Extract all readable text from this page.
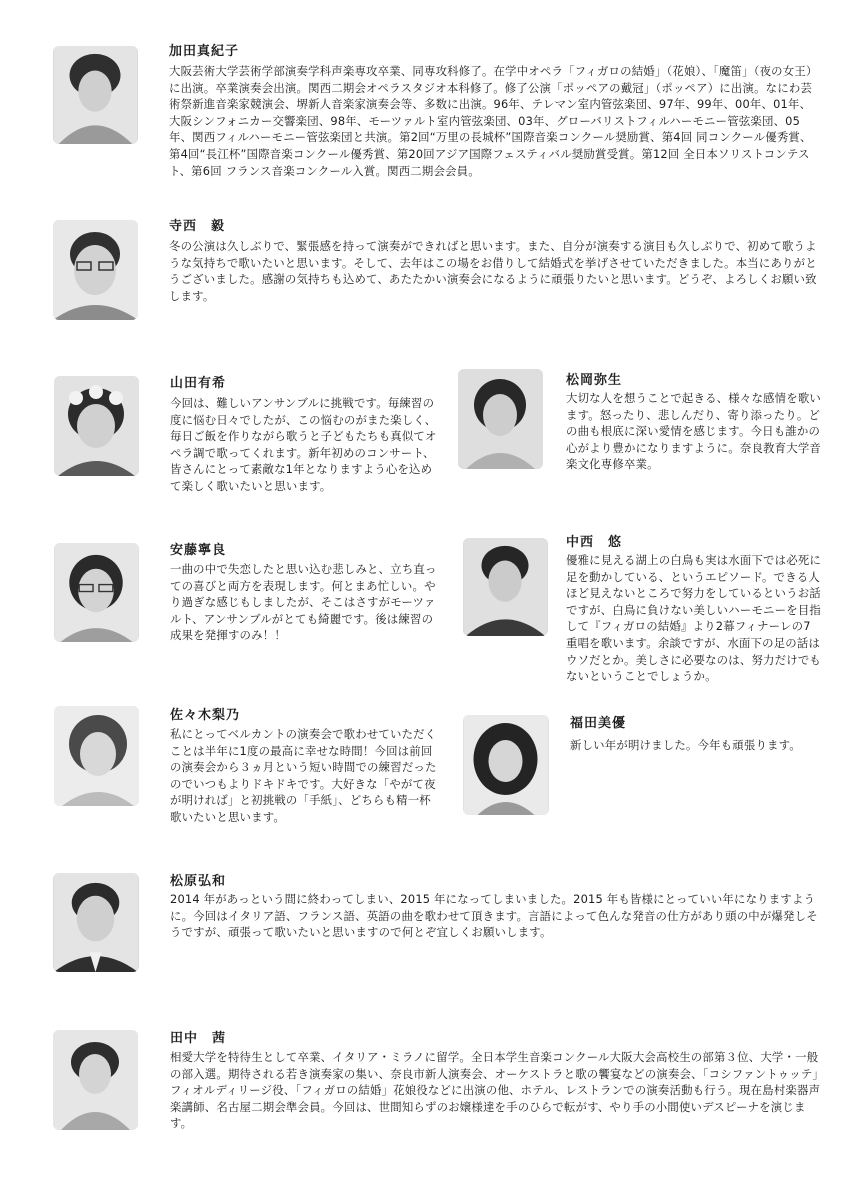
加田真紀子
大阪芸術大学芸術学部演奏学科声楽専攻卒業、同専攻科修了。在学中オペラ「フィガロの結婚」（花娘）、「魔笛」（夜の女王）に出演。卒業演奏会出演。関西二期会オペラスタジオ本科修了。修了公演「ポッペアの戴冠」（ポッペア）に出演。なにわ芸術祭新進音楽家競演会、堺新人音楽家演奏会等、多数に出演。96年、テレマン室内管弦楽団、97年、99年、00年、01年、大阪シンフォニカー交響楽団、98年、モーツァルト室内管弦楽団、03年、グローバリストフィルハーモニー管弦楽団、05年、関西フィルハーモニー管弦楽団と共演。第2回“万里の長城杯”国際音楽コンクール奨励賞、第4回 同コンクール優秀賞、第4回“長江杯”国際音楽コンクール優秀賞、第20回アジア国際フェスティバル奨励賞受賞。第12回 全日本ソリストコンテスト、第6回 フランス音楽コンクール入賞。関西二期会会員。
寺西　毅
冬の公演は久しぶりで、緊張感を持って演奏ができればと思います。また、自分が演奏する演目も久しぶりで、初めて歌うような気持ちで歌いたいと思います。そして、去年はこの場をお借りして結婚式を挙げさせていただきました。本当にありがとうございました。感謝の気持ちも込めて、あたたかい演奏会になるように頑張りたいと思います。どうぞ、よろしくお願い致します。
山田有希
今回は、難しいアンサンブルに挑戦です。毎練習の度に悩む日々でしたが、この悩むのがまた楽しく、毎日ご飯を作りながら歌うと子どもたちも真似てオペラ調で歌ってくれます。新年初めのコンサート、皆さんにとって素敵な1年となりますよう心を込めて楽しく歌いたいと思います。
松岡弥生
大切な人を想うことで起きる、様々な感情を歌います。怒ったり、悲しんだり、寄り添ったり。どの曲も根底に深い愛情を感じます。今日も誰かの心がより豊かになりますように。奈良教育大学音楽文化専修卒業。
安藤寧良
一曲の中で失恋したと思い込む悲しみと、立ち直っての喜びと両方を表現します。何とまあ忙しい。やり過ぎな感じもしましたが、そこはさすがモーツァルト、アンサンブルがとても綺麗です。後は練習の成果を発揮すのみ！！
中西　悠
優雅に見える湖上の白鳥も実は水面下では必死に足を動かしている、というエピソード。できる人ほど見えないところで努力をしているというお話ですが、白鳥に負けない美しいハーモニーを目指して『フィガロの結婚』より2幕フィナーレの7重唱を歌います。余談ですが、水面下の足の話はウソだとか。美しさに必要なのは、努力だけでもないということでしょうか。
佐々木梨乃
私にとってベルカントの演奏会で歌わせていただくことは半年に1度の最高に幸せな時間！今回は前回の演奏会から３ヵ月という短い時間での練習だったのでいつもよりドキドキです。大好きな「やがて夜が明ければ」と初挑戦の「手紙」、どちらも精一杯歌いたいと思います。
松原弘和
2014 年があっという間に終わってしまい、2015 年になってしまいました。2015 年も皆様にとっていい年になりますように。今回はイタリア語、フランス語、英語の曲を歌わせて頂きます。言語によって色んな発音の仕方があり頭の中が爆発しそうですが、頑張って歌いたいと思いますので何とぞ宜しくお願いします。
田中　茜
相愛大学を特待生として卒業、イタリア・ミラノに留学。全日本学生音楽コンクール大阪大会高校生の部第３位、大学・一般の部入選。期待される若き演奏家の集い、奈良市新人演奏会、オーケストラと歌の饗宴などの演奏会、「コシファントゥッテ」フィオルディリージ役、「フィガロの結婚」花娘役などに出演の他、ホテル、レストランでの演奏活動も行う。現在島村楽器声楽講師、名古屋二期会準会員。今回は、世間知らずのお嬢様達を手のひらで転がす、やり手の小間使いデスピーナを演じます。
福田美優
新しい年が明けました。今年も頑張ります。
